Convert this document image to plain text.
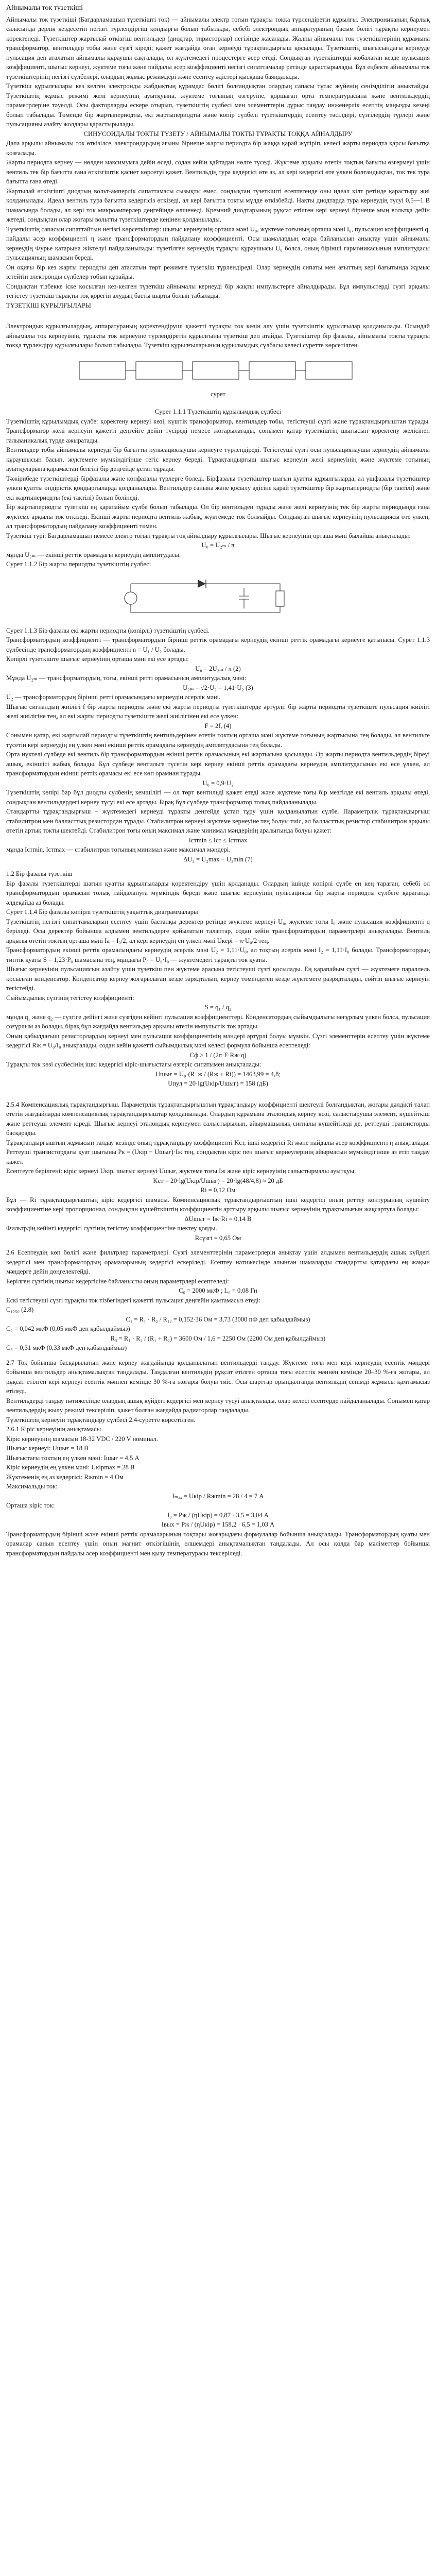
Айнымалы ток түзеткіші

Айнымалы ток түзеткіші (Бағдарламашыл түзеткішті тоқ) — айнымалы электр тоғын тұрақты токқа түрлендіретін құрылғы. Электрониканың барлық саласында дерлік кездесетін негізгі түрлендіргіш қондырғы болып табылады, себебі электрондық аппаратураның басым бөлігі тұрақты кернеумен қоректенеді. Түзеткіштер жартылай өткізгіш вентильдер (диодтар, тиристорлар) негізінде жасалады. Жалпы айнымалы ток түзеткіштерінің құрамына трансформатор, вентильдер тобы және сүзгі кіреді; қажет жағдайда оған кернеуді тұрақтандырғыш қосылады. Түзеткіштің шығысындағы кернеуде пульсация деп аталатын айнымалы құраушы сақталады, ол жүктемедегі процестерге әсер етеді. Сондықтан түзеткіштерді жобалаған кезде пульсация коэффициенті, шығыс кернеуі, жүктеме тоғы және пайдалы әсер коэффициенті негізгі сипаттамалар ретінде қарастырылады. Бұл еңбекте айнымалы ток түзеткіштерінің негізгі сүлбелері, олардың жұмыс режимдері және есептеу әдістері қысқаша баяндалады.

Түзеткіш құрылғылары кез келген электронды жабдықтың құрамдас бөлігі болғандықтан олардың сапасы тұтас жүйенің сенімділігін анықтайды. Түзеткіштің жұмыс режимі желі кернеуінің ауытқуына, жүктеме тоғының өзгеруіне, қоршаған орта температурасына және вентильдердің параметрлеріне тәуелді. Осы факторларды ескере отырып, түзеткіштің сүлбесі мен элементтерін дұрыс таңдау инженерлік есептің маңызды кезеңі болып табылады. Төменде бір жартыпериодты, екі жартыпериодты және көпір сүлбелі түзеткіштердің есептеу тәсілдері, сүзгілердің түрлері және пульсацияны азайту жолдары қарастырылады.

СИНУСОИДАЛЫ ТОКТЫ ТҮЗЕТУ / АЙНЫМАЛЫ ТОКТЫ ТҰРАҚТЫ ТОҚҚА АЙНАЛДЫРУ

Дала арқылы айнымалы ток өткізілсе, электрондардың ағыны бірнеше жарты периодта бір жаққа қарай жүгіріп, келесі жарты периодта қарсы бағытқа қозғалады.

Жарты периодта кернеу — нөлден максимумға дейін өседі, содан кейін қайтадан нөлге түседі. Жүктеме арқылы өтетін тоқтың бағыты өзгермеуі үшін вентиль тек бір бағытта ғана өткізгіштік қасиет көрсетуі қажет. Вентильдің тура кедергісі өте аз, ал кері кедергісі өте үлкен болғандықтан, ток тек тура бағытта ғана өтеді.

Жартылай өткізгішті диодтың вольт-амперлік сипаттамасы сызықты емес, сондықтан түзеткішті есептегенде оны идеал кілт ретінде қарастыру жиі қолданылады. Идеал вентиль тура бағытта кедергісіз өткізеді, ал кері бағытта токты мүлде өткізбейді. Нақты диодтарда тура кернеудің түсуі 0,5—1 В шамасында болады, ал кері ток микроамперлер деңгейінде өлшенеді. Кремний диодтарының рұқсат етілген кері кернеуі бірнеше мың вольтқа дейін жетеді, сондықтан олар жоғары вольтты түзеткіштерде кеңінен қолданылады.

Түзеткіштің сапасын сипаттайтын негізгі көрсеткіштер: шығыс кернеуінің орташа мәні U₀, жүктеме тоғының орташа мәні I₀, пульсация коэффициенті q, пайдалы әсер коэффициенті η және трансформатордың пайдалану коэффициенті. Осы шамалардың өзара байланысын анықтау үшін айнымалы кернеудің Фурье қатарына жіктелуі пайдаланылады: түзетілген кернеудің тұрақты құраушысы U₀ болса, оның бірінші гармоникасының амплитудасы пульсацияның шамасын береді.

Он оқиғы бір кез жарты периодты деп аталатын төрт режимге түзеткіш түрлендіреді. Олар кернеудің сипаты мен ағыттың кері бағытында жұмыс істейтін электронды сүлбелер тобын құрайды.

Сондықтан тізбекке іске қосылған кез-келген түзеткіш айнымалы кернеуді бір жақты импульстерге айналдырады. Бұл импульстерді сүзгі арқылы тегістеу түзеткіш тұрақты тоқ қорегін алудың басты шарты болып табылады.

ТҮЗЕТКІШ ҚҰРЫЛҒЫЛАРЫ

Электрондық құрылғылардың, аппаратураның қоректендіруші қажетті тұрақты ток көзін алу үшін түзеткіштік құрылғылар қолданылады. Осындай айнымалы ток кернеуінен, тұрақты ток кернеуіне түрлендіретін құрылғыны түзеткіш деп атайды. Түзеткіштер бір фазалы, айнымалы токты тұрақты токқа түрлендіру құрылғылары болып табылады. Түзеткіш құрылғыларының құрылымдық сұлбасы келесі суретте көрсетілген.

сурет

Сурет 1.1.1 Түзеткіштің құрылымдық сүлбесі

Түзеткіштің құрылымдық сүлбе: қоректену кернеуі көзі, күштік трансформатор, вентильдер тобы, тегістеуші сүзгі және тұрақтандырғыштан тұрады. Трансформатор желі кернеуін қажетті деңгейге дейін түсіреді немесе жоғарылатады, сонымен қатар түзеткіштің шығысын қоректену желісінен гальваникалық түрде ажыратады.

Вентильдер тобы айнымалы кернеуді бір бағытты пульсациялаушы кернеуге түрлендіреді. Тегістеуші сүзгі осы пульсациялаушы кернеудің айнымалы құраушысын басып, жүктемеге мүмкіндігінше тегіс кернеу береді. Тұрақтандырғыш шығыс кернеуін желі кернеуінің және жүктеме тоғының ауытқуларына қарамастан белгілі бір деңгейде ұстап тұрады.

Тәжірибеде түзеткіштерді бірфазалы және көпфазалы түрлерге бөледі. Бірфазалы түзеткіштер шағын қуатты құрылғыларда, ал үшфазалы түзеткіштер үлкен қуатты өндірістік қондырғыларда қолданылады. Вентильдер санына және қосылу әдісіне қарай түзеткіштер бір жартыпериодты (бір тактілі) және екі жартыпериодты (екі тактілі) болып бөлінеді.

Бір жартыпериодты түзеткіш ең қарапайым сүлбе болып табылады. Ол бір вентильден тұрады және желі кернеуінің тек бір жарты периодында ғана жүктеме арқылы ток өткізеді. Екінші жарты периодта вентиль жабық, жүктемеде ток болмайды. Сондықтан шығыс кернеуінің пульсациясы өте үлкен, ал трансформатордың пайдалану коэффициенті төмен.

Түзеткіш түрі: Бағдарламашыл немесе электр тогын тұрақты тоқ айналдыру құрылғылары. Шығыс кернеуінің орташа мәні былайша анықталады:

U₀ = U₂ₘ / π

мұнда U₂ₘ — екінші реттік орамадағы кернеудің амплитудасы.

Сурет 1.1.2 Бір жарты периодты түзеткіштің сүлбесі

Сурет 1.1.3 Бір фазалы екі жарты периодты (көпірлі) түзеткіштің сүлбесі.

Трансформатордың коэффициенті — трансформатордың бірінші реттік орамадағы кернеудің екінші реттік орамадағы кернеуге қатынасы. Сурет 1.1.3 сүлбесінде трансформатордың коэффициенті n = U₁ / U₂ болады.

Көпірлі түзеткіште шығыс кернеуінің орташа мәні екі есе артады:

U₀ = 2U₂ₘ / π (2)

Мұнда U₂ₘ — трансформатордың, тоғы, екінші ретті орамасының амплитудалық мәні:

U₂ₘ = √2·U₂ = 1,41·U₂ (3)

U₂ — трансформатордың бірінші ретті орамасындағы кернеудің әсерлік мәні.

Шығыс сигналдың жиілігі f бір жарты периодты және екі жарты периодты түзеткіштерде әртүрлі: бір жарты периодты түзеткіште пульсация жиілігі желі жиілігіне тең, ал екі жарты периодты түзеткіште желі жиілігінен екі есе үлкен:

F = 2f, (4)

Сонымен қатар, екі жартылай периодты түзеткіштің вентильдерінен өтетін токтың орташа мәні жүктеме тоғының жартысына тең болады, ал вентильге түсетін кері кернеудің ең үлкен мәні екінші реттік орамадағы кернеудің амплитудасына тең болады.

Орта нүктелі сүлбеде екі вентиль бір трансформатордың екінші реттік орамасының екі жартысына қосылады. Әр жарты периодта вентильдердің біреуі ашық, екіншісі жабық болады. Бұл сүлбеде вентильге түсетін кері кернеу екінші реттік орамадағы кернеудің амплитудасынан екі есе үлкен, ал трансформатордың екінші реттік орамасы екі есе көп орамнан тұрады.

U₀ = 0,9·U₂

Түзеткіштің көпірі бар бұл диодты сүлбенің кемшілігі — ол төрт вентильді қажет етеді және жүктеме тоғы бір мезгілде екі вентиль арқылы өтеді, сондықтан вентильдердегі кернеу түсуі екі есе артады. Бірақ бұл сүлбеде трансформатор толық пайдаланылады.

Стандартты тұрақтандырғыш – жүктемедегі кернеуді тұрақты деңгейде ұстап тұру үшін қолданылатын сүлбе. Параметрлік тұрақтандырғыш стабилитрон мен балласттық резистордан тұрады. Стабилитрон кернеуі жүктеме кернеуіне тең болуы тиіс, ал балласттық резистор стабилитрон арқылы өтетін артық токты шектейді. Стабилитрон тоғы оның максимал және минимал мәндерінің аралығында болуы қажет:

Iстmin ≤ Iст ≤ Iстmax

мұнда Iстmin, Iстmax — стабилитрон тоғының минимал және максимал мәндері.

ΔU₂ = U₂max − U₂min (7)

1.2 Бір фазалы түзеткіш

Бір фазалы түзеткіштерді шағын қуатты құрылғыларды қоректендіру үшін қолданады. Олардың ішінде көпірлі сүлбе ең кең тараған, себебі ол трансформатордың орамасын толық пайдалануға мүмкіндік береді және шығыс кернеуінің пульсациясы бір жарты периодты сүлбеге қарағанда әлдеқайда аз болады.

Сурет 1.1.4 Бір фазалы көпірлі түзеткіштің уақыттық диаграммалары

Түзеткіштің негізгі сипаттамаларын есептеу үшін бастапқы деректер ретінде жүктеме кернеуі U₀, жүктеме тоғы I₀ және пульсация коэффициенті q беріледі. Осы деректер бойынша алдымен вентильдерге қойылатын талаптар, содан кейін трансформатордың параметрлері анықталады. Вентиль арқылы өтетін токтың орташа мәні Iа = I₀/2, ал кері кернеудің ең үлкен мәні Uкері = π·U₀/2 тең.

Трансформатордың екінші реттік орамасындағы кернеудің әсерлік мәні U₂ = 1,11·U₀, ал тоқтың әсерлік мәні I₂ = 1,11·I₀ болады. Трансформатордың типтік қуаты S = 1,23·P₀ шамасына тең, мұндағы P₀ = U₀·I₀ — жүктемедегі тұрақты ток қуаты.

Шығыс кернеуінің пульсациясын азайту үшін түзеткіш пен жүктеме арасына тегістеуші сүзгі қосылады. Ең қарапайым сүзгі — жүктемеге параллель қосылған конденсатор. Конденсатор кернеу жоғарылаған кезде зарядталып, кернеу төмендеген кезде жүктемеге разрядталады, сөйтіп шығыс кернеуін тегістейді.

Сыйымдылық сүзгінің тегістеу коэффициенті:

S = q₁ / q₂

мұнда q₁ және q₂ — сүзгіге дейінгі және сүзгіден кейінгі пульсация коэффициенттері. Конденсатордың сыйымдылығы неғұрлым үлкен болса, пульсация соғұрлым аз болады, бірақ бұл жағдайда вентильдер арқылы өтетін импульстік ток артады.

Оның қабылдағыш резисторлардың кернеуі мен пульсация коэффициентінің мәндері әртүрлі болуы мүмкін. Сүзгі элементтерін есептеу үшін жүктеме кедергісі Rж = U₀/I₀ анықталады, содан кейін қажетті сыйымдылық мәні келесі формула бойынша есептеледі:

Cф ≥ 1 / (2π·F·Rж·q)

Тұрақты ток көзі сүлбесінің ішкі кедергісі кіріс-шығыстағы өзгеріс сипатымен анықталады:

Uшығ = U₀·(R_ж / (Rж + Rі)) = 1463,99 = 4,8;

Uпул = 20·lg(Uкір/Uшығ) = 158 (дБ)

2.5.4 Компенсациялық тұрақтандырғыш. Параметрлік тұрақтандырғыштың тұрақтандыру коэффициенті шектеулі болғандықтан, жоғары дәлдікті талап ететін жағдайларда компенсациялық тұрақтандырғыштар қолданылады. Олардың құрамына эталондық кернеу көзі, салыстырушы элемент, күшейткіш және реттеуші элемент кіреді. Шығыс кернеуі эталондық кернеумен салыстырылып, айырмашылық сигналы күшейтіледі де, реттеуші транзисторды басқарады.

Тұрақтандырғыштың жұмысын талдау кезінде оның тұрақтандыру коэффициенті Kст, ішкі кедергісі Rі және пайдалы әсер коэффициенті η анықталады. Реттеуші транзистордағы қуат шығыны Pк = (Uкір − Uшығ)·Iж тең, сондықтан кіріс пен шығыс кернеулерінің айырмасын мүмкіндігінше аз етіп таңдау қажет.

Есептеуге берілгені: кіріс кернеуі Uкір, шығыс кернеуі Uшығ, жүктеме тоғы Iж және кіріс кернеуінің салыстырмалы ауытқуы.

Kст = 20·lg(Uкір/Uшығ) = 20·lg(48/4,8) ≈ 20 дБ

Rі = 0,12 Ом

Бұл — Rі тұрақтандырғыштың кіріс кедергісі шамасы. Компенсациялық тұрақтандырғыштың ішкі кедергісі оның реттеу контурының күшейту коэффициентіне кері пропорционал, сондықтан күшейткіштің коэффициентін арттыру арқылы шығыс кернеуінің тұрақтылығын жақсартуға болады:

ΔUшығ = Iж·Rі = 0,14 В

Фильтрдің кейінгі кедергісі сүзгінің тегістеу коэффициентіне шектеу қояды.

Rсүзгі = 0,65 Ом

2.6 Есептеудің көп бөлігі және фильтрлер параметрлері. Сүзгі элементтерінің параметрлерін анықтау үшін алдымен вентильдердің ашық күйдегі кедергісі мен трансформатордың орамаларының кедергісі ескеріледі. Есептеу нәтижесінде алынған шамаларды стандартты қатардағы ең жақын мәндерге дейін дөңгелектейді.

Берілген сүзгінің шығыс кедергісіне байланысты оның параметрлері есептеледі:

C₀ = 2000 мкФ ; L₀ = 0,08 Гн

Ескі тегістеуші сүзгі тұрақты ток тізбегіндегі қажетті пульсация деңгейін қамтамасыз етеді:

С₁₂₅₀ (2,8)

C₁ = R₁ · R₂ / R₁₂ = 0,152·36 Ом = 3,73 (3000 пФ деп қабылдаймыз)

С₂ = 0,042 мкФ (0,05 мкФ деп қабылдаймыз)

R₃ = R₁ · R₂ / (R₁ + R₂) = 3600 Ом / 1,6 = 2250 Ом (2200 Ом деп қабылдаймыз)

С₃ = 0,31 мкФ (0,33 мкФ деп қабылдаймыз)

2.7 Тоқ бойынша басқарылатын және кернеу жағдайында қолданылатын вентильдерді таңдау. Жүктеме тоғы мен кері кернеудің есептік мәндері бойынша вентильдер анықтамалықтан таңдалады. Таңдалған вентильдің рұқсат етілген орташа тоғы есептік мәннен кемінде 20–30 %-ға жоғары, ал рұқсат етілген кері кернеуі есептік мәннен кемінде 30 %-ға жоғары болуы тиіс. Осы шарттар орындалғанда вентильдің сенімді жұмысы қамтамасыз етіледі.

Вентильдерді таңдау нәтижесінде олардың ашық күйдегі кедергісі мен кернеу түсуі анықталады, олар келесі есептерде пайдаланылады. Сонымен қатар вентильдердің жылу режимі тексеріліп, қажет болған жағдайда радиаторлар таңдалады.

Түзеткіштің кернеуін тұрақтандыру сүлбесі 2.4-суретте көрсетілген.

2.6.1 Кіріс кернеуінің анықтамасы

Кіріс кернеуінің шамасын 18-32 VDC / 220 V номинал.

Шығыс кернеуі: Uшығ = 18 В

Шығыстағы токтың ең үлкен мәні: Iшығ = 4,5 А

Кіріс кернеудің ең үлкен мәні: Uкірmax = 28 В

Жүктеменің ең аз кедергісі: Rжmin = 4 Ом

Максимальды ток:

Iₘₐₓ = Uкір / Rжmin = 28 / 4 = 7 А

Орташа кіріс ток:

I₀ = Pж / (ηUкір) = 0,87 · 3,5 = 3,04 А

Iвых = Pж / (ηUкір) = 158,2 · 6,5 = 1,03 А

Трансформатордың бірінші және екінші реттік орамаларының тоқтары жоғарыдағы формулалар бойынша анықталады. Трансформатордың қуаты мен орамалар санын есептеу үшін оның магнит өткізгішінің өлшемдері анықтамалықтан таңдалады. Ал осы қолда бар мәліметтер бойынша трансформатордың пайдалы әсер коэффициенті мен қызу температурасы тексеріледі.
